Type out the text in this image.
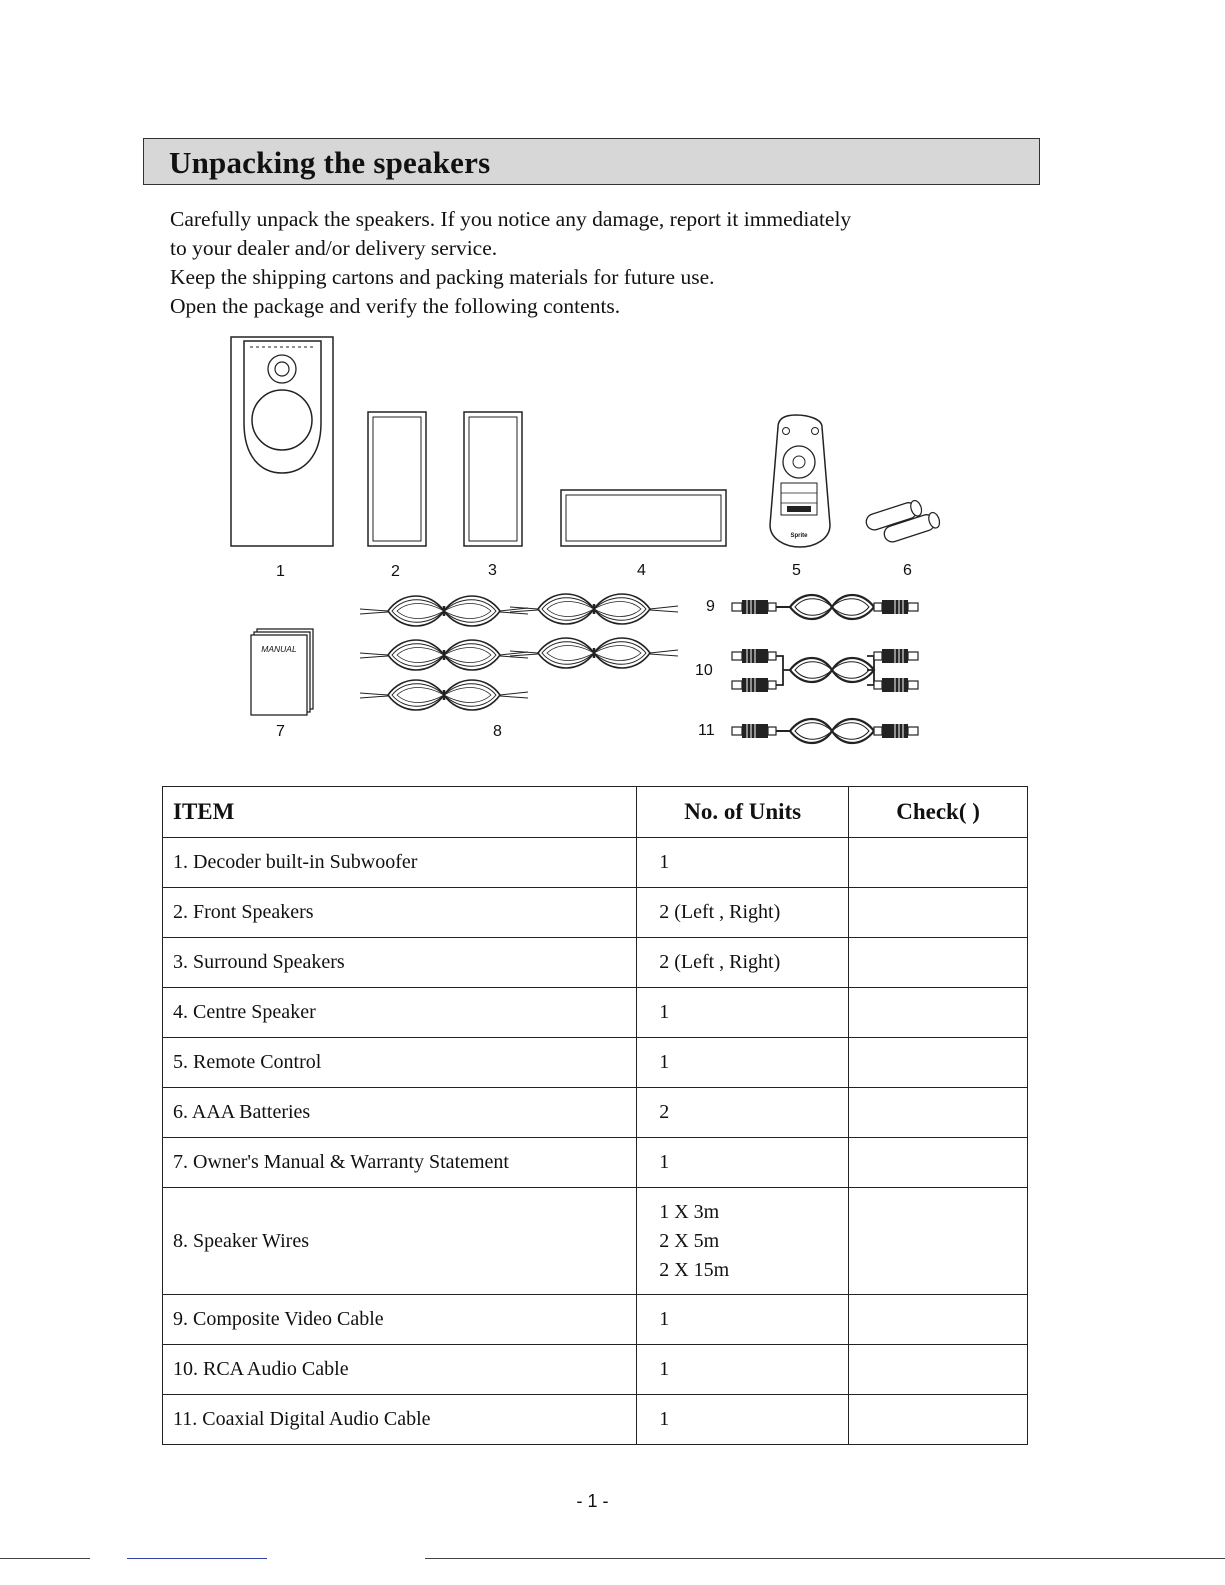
Unpacking the speakers

Carefully unpack the speakers. If you notice any damage, report it immediately

to your dealer and/or delivery service.

Keep the shipping cartons and packing materials for future use.

Open the package and verify the following contents.

Sprite
MANUAL
1	2	3	4	5	6
7	8
9
10
11
ITEM	No. of Units	Check( )
1. Decoder built-in Subwoofer	1	
2. Front Speakers	2 (Left , Right)	
3. Surround Speakers	2 (Left , Right)	
4. Centre Speaker	1	
5. Remote Control	1	
6. AAA Batteries	2	
7. Owner's Manual & Warranty Statement	1	
8. Speaker Wires	1 X 3m
2 X 5m
2 X 15m	

9. Composite Video Cable	1	
10. RCA Audio Cable	1	
11. Coaxial Digital Audio Cable	1	
- 1 -
